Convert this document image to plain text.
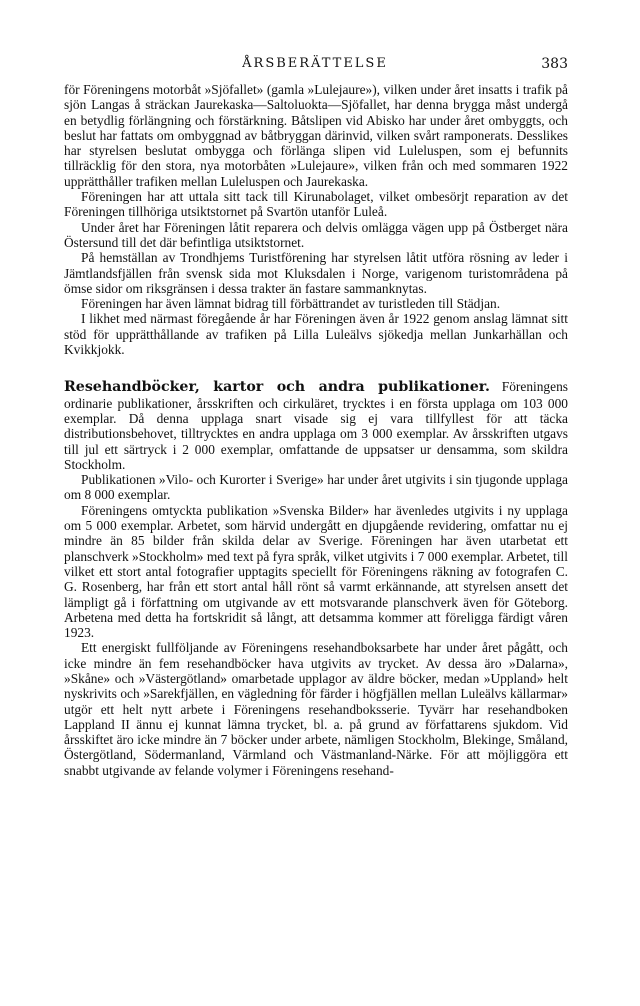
ÅRSBERÄTTELSE	383

för Föreningens motorbåt »Sjöfallet» (gamla »Lulejaure»), vilken under året insatts i trafik på sjön Langas å sträckan Jaurekaska—Saltoluokta—Sjöfallet, har denna brygga måst undergå en betydlig förlängning och förstärkning. Båtslipen vid Abisko har under året ombyggts, och beslut har fattats om ombyggnad av båtbryggan därinvid, vilken svårt ramponerats. Desslikes har styrelsen beslutat ombygga och förlänga slipen vid Luleluspen, som ej befunnits tillräcklig för den stora, nya motorbåten »Lulejaure», vilken från och med sommaren 1922 upprätthåller trafiken mellan Luleluspen och Jaurekaska.

Föreningen har att uttala sitt tack till Kirunabolaget, vilket ombesörjt reparation av det Föreningen tillhöriga utsiktstornet på Svartön utanför Luleå.

Under året har Föreningen låtit reparera och delvis omlägga vägen upp på Östberget nära Östersund till det där befintliga utsiktstornet.

På hemställan av Trondhjems Turistförening har styrelsen låtit utföra rösning av leder i Jämtlandsfjällen från svensk sida mot Kluksdalen i Norge, varigenom turistområdena på ömse sidor om riksgränsen i dessa trakter än fastare sammanknytas.

Föreningen har även lämnat bidrag till förbättrandet av turistleden till Städjan.

I likhet med närmast föregående år har Föreningen även år 1922 genom anslag lämnat sitt stöd för upprätthållande av trafiken på Lilla Luleälvs sjökedja mellan Junkarhällan och Kvikkjokk.

Resehandböcker, kartor och andra publikationer. Föreningens ordinarie publikationer, årsskriften och cirkuläret, trycktes i en första upplaga om 103 000 exemplar. Då denna upplaga snart visade sig ej vara tillfyllest för att täcka distributionsbehovet, tilltrycktes en andra upplaga om 3 000 exemplar. Av årsskriften utgavs till jul ett särtryck i 2 000 exemplar, omfattande de uppsatser ur densamma, som skildra Stockholm.

Publikationen »Vilo- och Kurorter i Sverige» har under året utgivits i sin tjugonde upplaga om 8 000 exemplar.

Föreningens omtyckta publikation »Svenska Bilder» har ävenledes utgivits i ny upplaga om 5 000 exemplar. Arbetet, som härvid undergått en djupgående revidering, omfattar nu ej mindre än 85 bilder från skilda delar av Sverige. Föreningen har även utarbetat ett planschverk »Stockholm» med text på fyra språk, vilket utgivits i 7 000 exemplar. Arbetet, till vilket ett stort antal fotografier upptagits speciellt för Föreningens räkning av fotografen C. G. Rosenberg, har från ett stort antal håll rönt så varmt erkännande, att styrelsen ansett det lämpligt gå i författning om utgivande av ett motsvarande planschverk även för Göteborg. Arbetena med detta ha fortskridit så långt, att detsamma kommer att föreligga färdigt våren 1923.

Ett energiskt fullföljande av Föreningens resehandboksarbete har under året pågått, och icke mindre än fem resehandböcker hava utgivits av trycket. Av dessa äro »Dalarna», »Skåne» och »Västergötland» omarbetade upplagor av äldre böcker, medan »Uppland» helt nyskrivits och »Sarekfjällen, en vägledning för färder i högfjällen mellan Luleälvs källarmar» utgör ett helt nytt arbete i Föreningens resehandboksserie. Tyvärr har resehandboken Lappland II ännu ej kunnat lämna trycket, bl. a. på grund av författarens sjukdom. Vid årsskiftet äro icke mindre än 7 böcker under arbete, nämligen Stockholm, Blekinge, Småland, Östergötland, Södermanland, Värmland och Västmanland-Närke. För att möjliggöra ett snabbt utgivande av felande volymer i Föreningens resehand-
